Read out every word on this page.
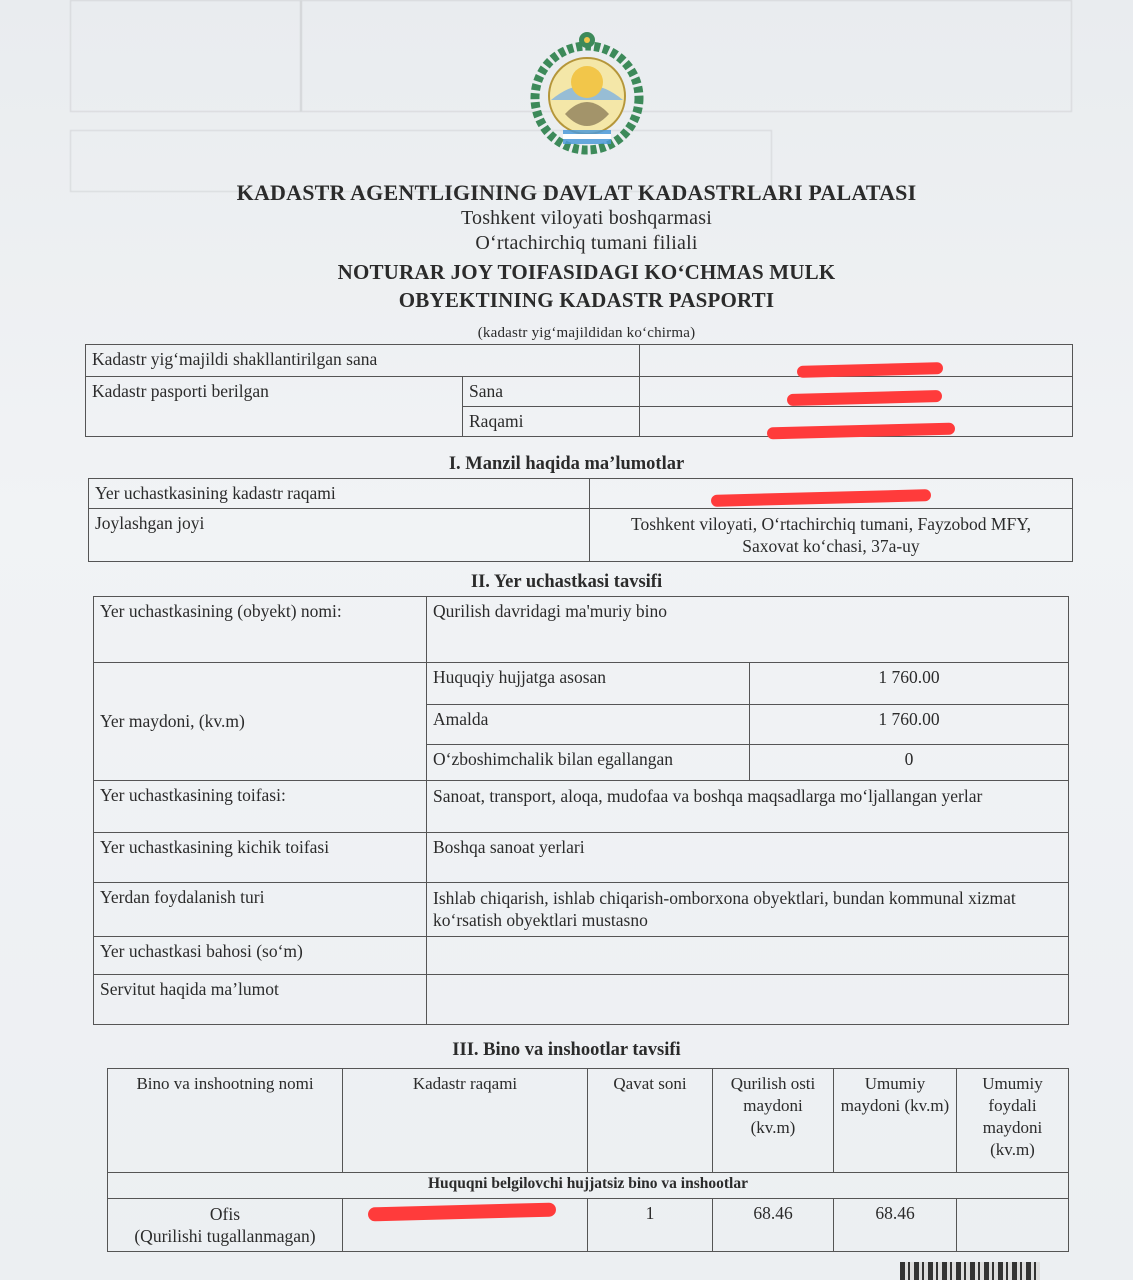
KADASTR AGENTLIGINING DAVLAT KADASTRLARI PALATASI
Toshkent viloyati boshqarmasi
O‘rtachirchiq tumani filiali
NOTURAR JOY TOIFASIDAGI KO‘CHMAS MULK
OBYEKTINING KADASTR PASPORTI
(kadastr yig‘majildidan ko‘chirma)
Kadastr yig‘majildi shakllantirilgan sana		
Kadastr pasporti berilgan	Sana	
	Raqami	
I. Manzil haqida ma’lumotlar
Yer uchastkasining kadastr raqami	
Joylashgan joyi	Toshkent viloyati, O‘rtachirchiq tumani, Fayzobod MFY,
Saxovat ko‘chasi, 37a-uy
II. Yer uchastkasi tavsifi
Yer uchastkasining (obyekt) nomi:	Qurilish davridagi ma'muriy bino	
Yer maydoni, (kv.m)	Huquqiy hujjatga asosan	1 760.00
	Amalda	1 760.00
	O‘zboshimchalik bilan egallangan	0
Yer uchastkasining toifasi:	Sanoat, transport, aloqa, mudofaa va boshqa maqsadlarga mo‘ljallangan yerlar	
Yer uchastkasining kichik toifasi	Boshqa sanoat yerlari	
Yerdan foydalanish turi	Ishlab chiqarish, ishlab chiqarish-omborxona obyektlari, bundan kommunal xizmat ko‘rsatish obyektlari mustasno	
Yer uchastkasi bahosi (so‘m)		
Servitut haqida ma’lumot		
III. Bino va inshootlar tavsifi
Bino va inshootning nomi	Kadastr raqami	Qavat soni	Qurilish osti maydoni (kv.m)	Umumiy maydoni (kv.m)	Umumiy foydali maydoni (kv.m)
Huquqni belgilovchi hujjatsiz bino va inshootlar					
Ofis
(Qurilishi tugallanmagan)		1	68.46	68.46	
